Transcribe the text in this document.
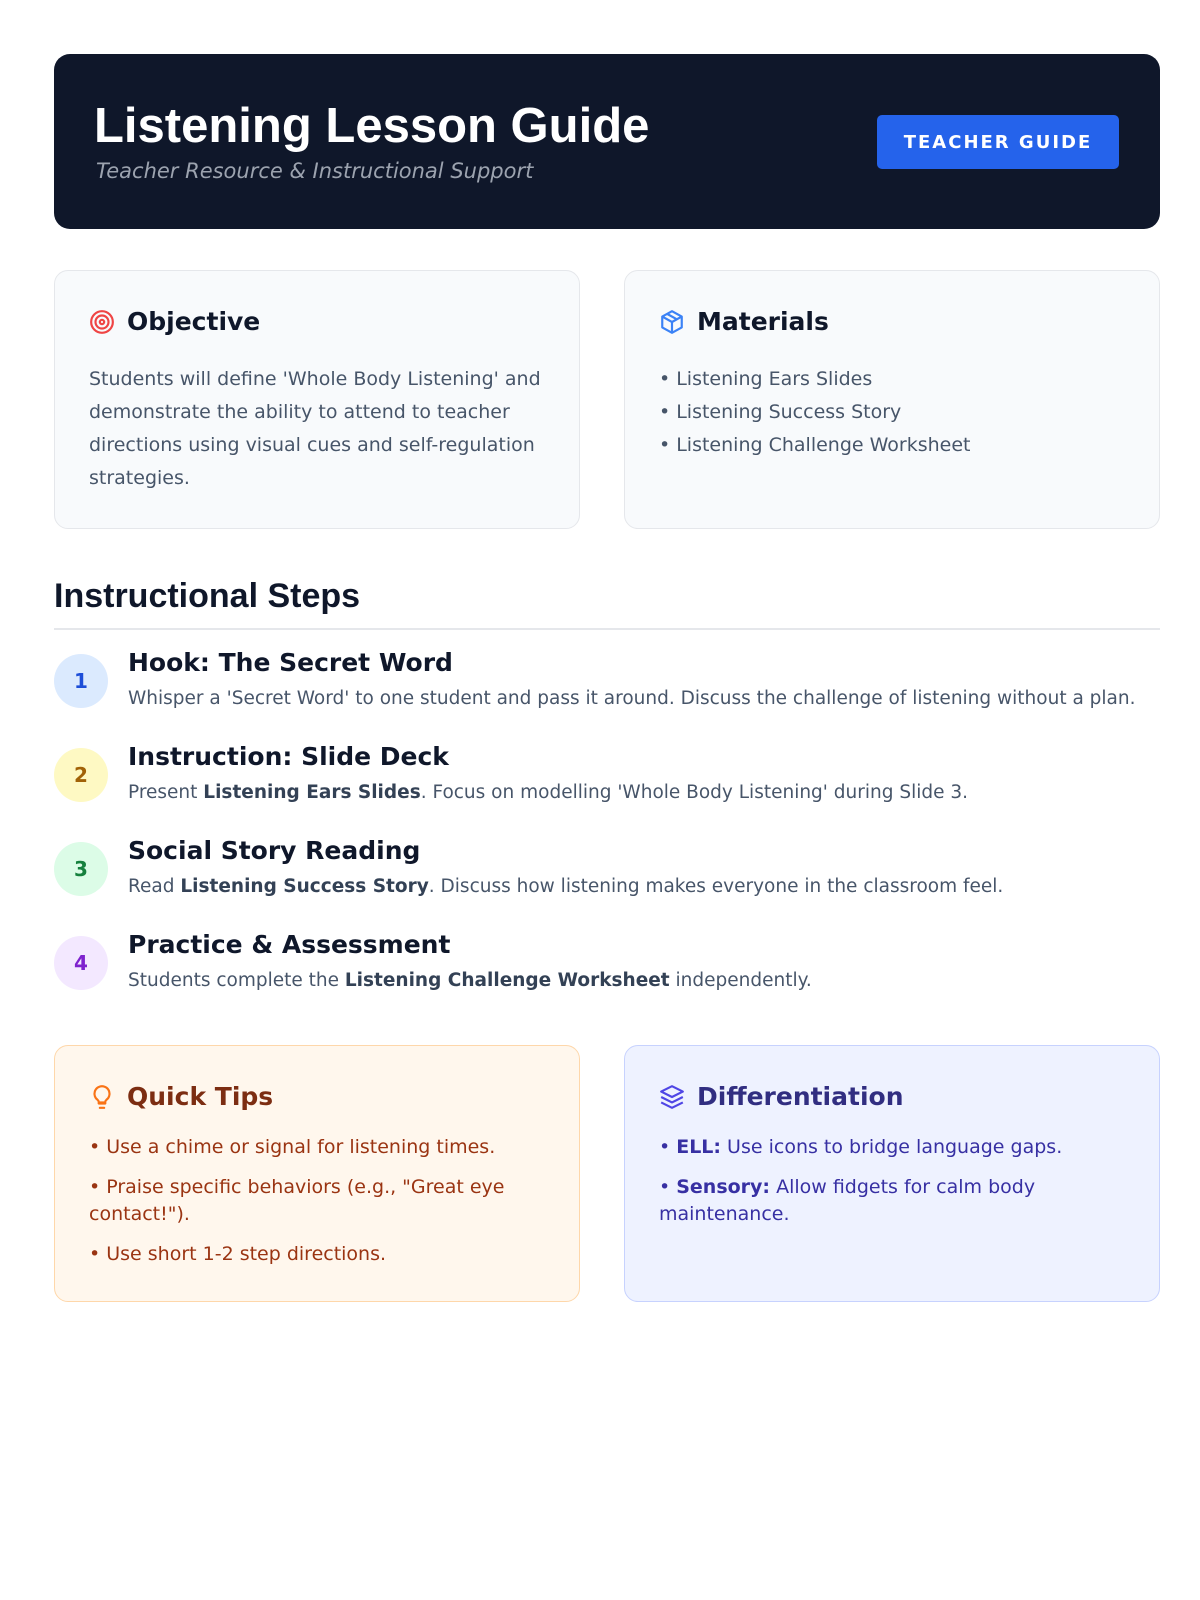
Listening Lesson Guide
Teacher Resource & Instructional Support
TEACHER GUIDE
Objective
Students will define 'Whole Body Listening' and demonstrate the ability to attend to teacher directions using visual cues and self-regulation strategies.
Materials
• Listening Ears Slides
• Listening Success Story
• Listening Challenge Worksheet
Instructional Steps
1
Hook: The Secret Word
Whisper a 'Secret Word' to one student and pass it around. Discuss the challenge of listening without a plan.
2
Instruction: Slide Deck
Present Listening Ears Slides. Focus on modelling 'Whole Body Listening' during Slide 3.
3
Social Story Reading
Read Listening Success Story. Discuss how listening makes everyone in the classroom feel.
4
Practice & Assessment
Students complete the Listening Challenge Worksheet independently.
Quick Tips
• Use a chime or signal for listening times.
• Praise specific behaviors (e.g., "Great eye contact!").
• Use short 1-2 step directions.
Differentiation
• ELL: Use icons to bridge language gaps.
• Sensory: Allow fidgets for calm body maintenance.
